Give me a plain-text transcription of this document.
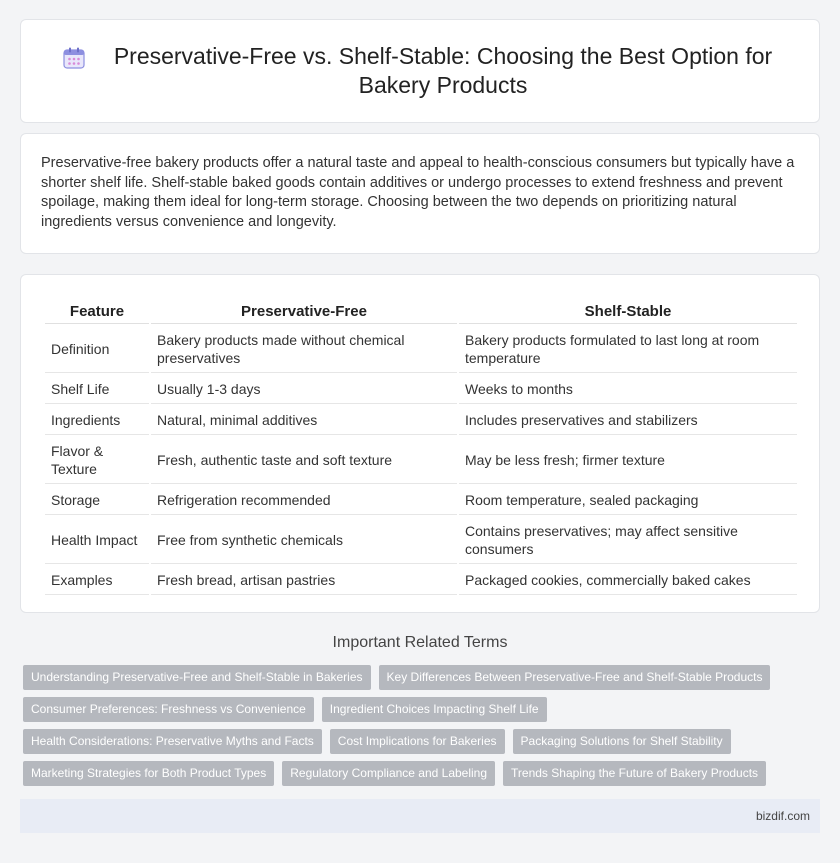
Preservative-Free vs. Shelf-Stable: Choosing the Best Option for Bakery Products

Preservative-free bakery products offer a natural taste and appeal to health-conscious consumers but typically have a shorter shelf life. Shelf-stable baked goods contain additives or undergo processes to extend freshness and prevent spoilage, making them ideal for long-term storage. Choosing between the two depends on prioritizing natural ingredients versus convenience and longevity.

Feature	Preservative-Free	Shelf-Stable
Definition	Bakery products made without chemical preservatives	Bakery products formulated to last long at room temperature
Shelf Life	Usually 1-3 days	Weeks to months
Ingredients	Natural, minimal additives	Includes preservatives and stabilizers
Flavor & Texture	Fresh, authentic taste and soft texture	May be less fresh; firmer texture
Storage	Refrigeration recommended	Room temperature, sealed packaging
Health Impact	Free from synthetic chemicals	Contains preservatives; may affect sensitive consumers
Examples	Fresh bread, artisan pastries	Packaged cookies, commercially baked cakes
Important Related Terms
Understanding Preservative-Free and Shelf-Stable in Bakeries	Key Differences Between Preservative-Free and Shelf-Stable Products
Consumer Preferences: Freshness vs Convenience	Ingredient Choices Impacting Shelf Life
Health Considerations: Preservative Myths and Facts	Cost Implications for Bakeries	Packaging Solutions for Shelf Stability
Marketing Strategies for Both Product Types	Regulatory Compliance and Labeling	Trends Shaping the Future of Bakery Products
bizdif.com
